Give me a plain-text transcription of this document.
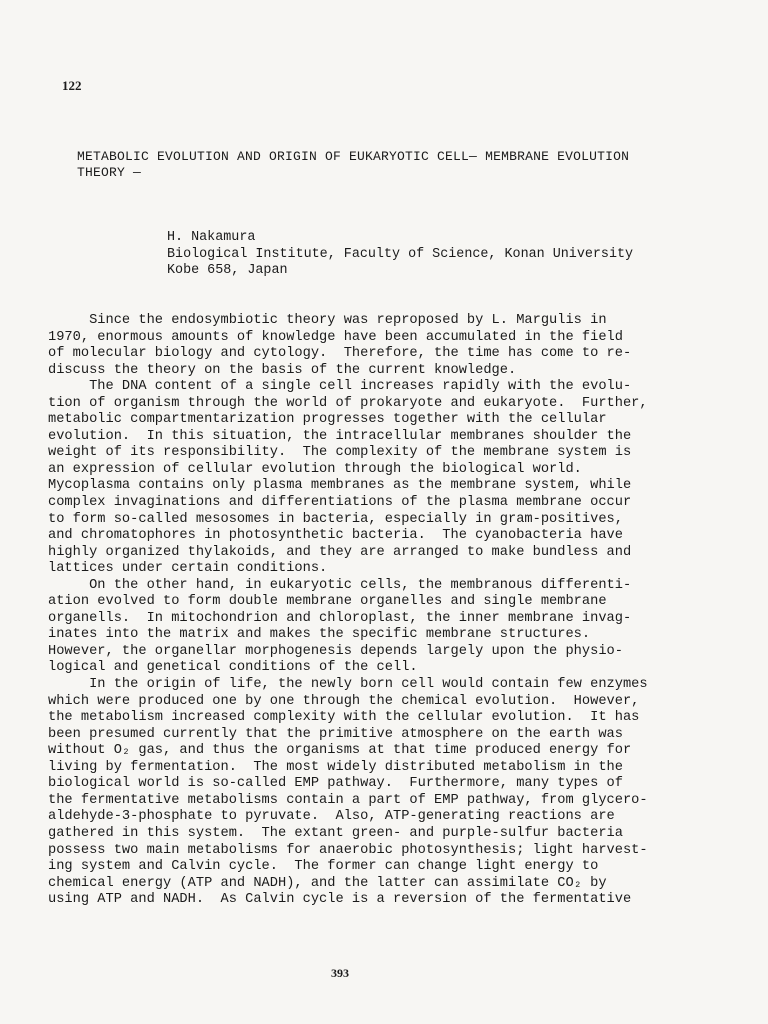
122
METABOLIC EVOLUTION AND ORIGIN OF EUKARYOTIC CELL— MEMBRANE EVOLUTION
THEORY —
H. Nakamura
Biological Institute, Faculty of Science, Konan University
Kobe 658, Japan
Since the endosymbiotic theory was reproposed by L. Margulis in
1970, enormous amounts of knowledge have been accumulated in the field
of molecular biology and cytology.  Therefore, the time has come to re-
discuss the theory on the basis of the current knowledge.
The DNA content of a single cell increases rapidly with the evolu-
tion of organism through the world of prokaryote and eukaryote.  Further,
metabolic compartmentarization progresses together with the cellular
evolution.  In this situation, the intracellular membranes shoulder the
weight of its responsibility.  The complexity of the membrane system is
an expression of cellular evolution through the biological world.
Mycoplasma contains only plasma membranes as the membrane system, while
complex invaginations and differentiations of the plasma membrane occur
to form so-called mesosomes in bacteria, especially in gram-positives,
and chromatophores in photosynthetic bacteria.  The cyanobacteria have
highly organized thylakoids, and they are arranged to make bundless and
lattices under certain conditions.
On the other hand, in eukaryotic cells, the membranous differenti-
ation evolved to form double membrane organelles and single membrane
organells.  In mitochondrion and chloroplast, the inner membrane invag-
inates into the matrix and makes the specific membrane structures.
However, the organellar morphogenesis depends largely upon the physio-
logical and genetical conditions of the cell.
In the origin of life, the newly born cell would contain few enzymes
which were produced one by one through the chemical evolution.  However,
the metabolism increased complexity with the cellular evolution.  It has
been presumed currently that the primitive atmosphere on the earth was
without O₂ gas, and thus the organisms at that time produced energy for
living by fermentation.  The most widely distributed metabolism in the
biological world is so-called EMP pathway.  Furthermore, many types of
the fermentative metabolisms contain a part of EMP pathway, from glycero-
aldehyde-3-phosphate to pyruvate.  Also, ATP-generating reactions are
gathered in this system.  The extant green- and purple-sulfur bacteria
possess two main metabolisms for anaerobic photosynthesis; light harvest-
ing system and Calvin cycle.  The former can change light energy to
chemical energy (ATP and NADH), and the latter can assimilate CO₂ by
using ATP and NADH.  As Calvin cycle is a reversion of the fermentative
393
